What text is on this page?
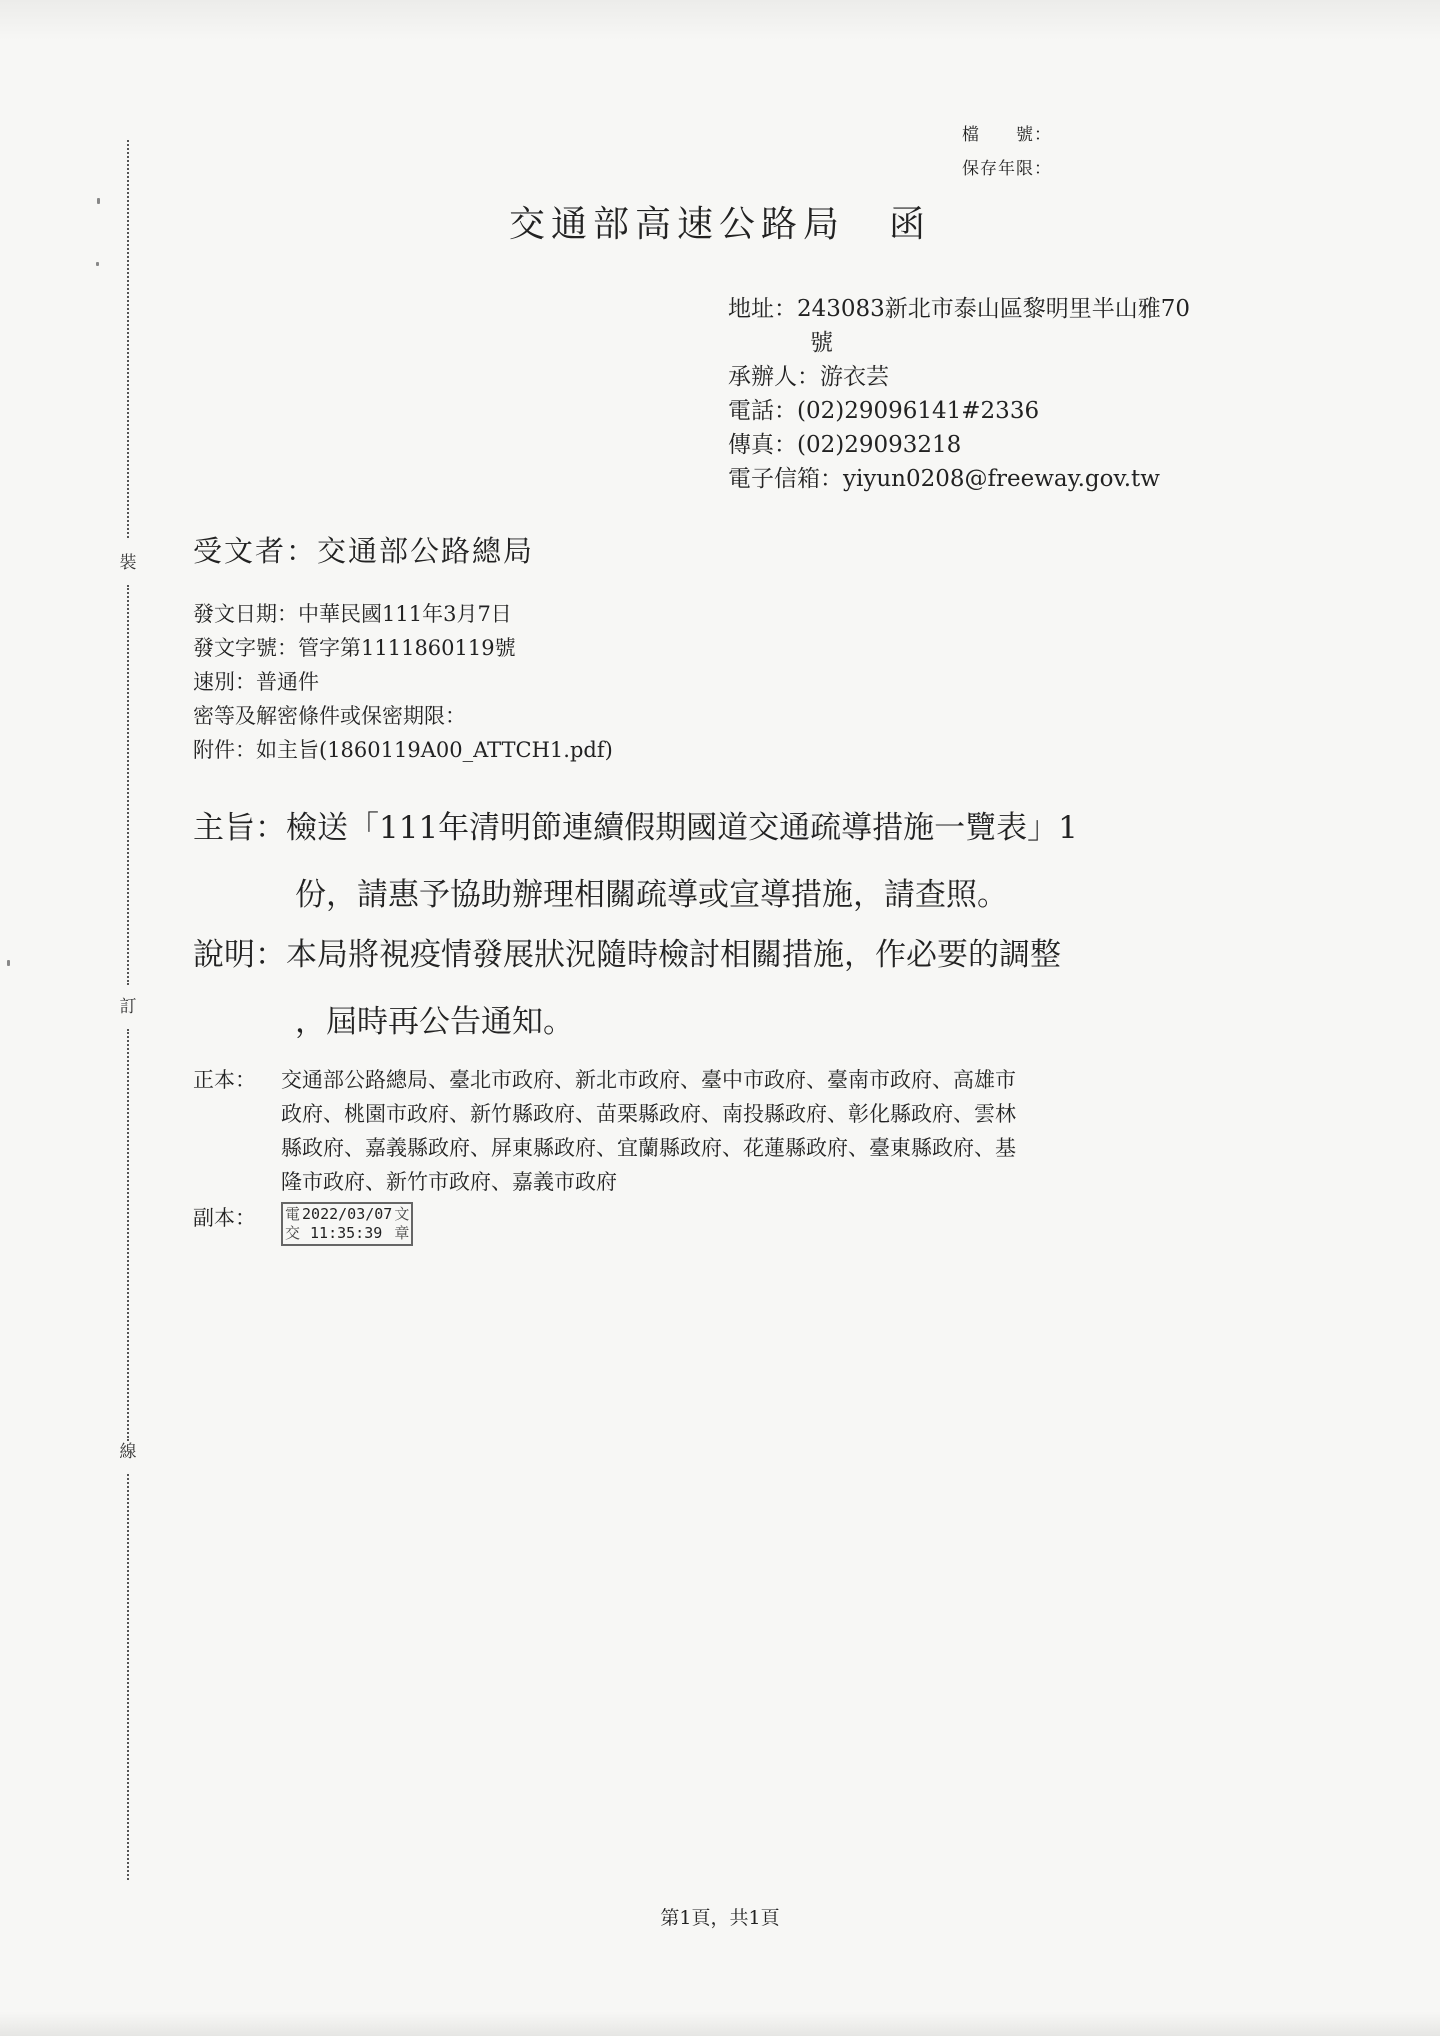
裝
訂
線
檔　　號：
保存年限：
交通部高速公路局 函
地址： 243083新北市泰山區黎明里半山雅70
號
承辦人： 游衣芸
電話： (02)29096141#2336
傳真： (02)29093218
電子信箱： yiyun0208@freeway.gov.tw
受文者：交通部公路總局
發文日期：中華民國111年3月7日
發文字號：管字第1111860119號
速別：普通件
密等及解密條件或保密期限：
附件：如主旨(1860119A00_ATTCH1.pdf)
主旨：檢送「111年清明節連續假期國道交通疏導措施一覽表」1
份，請惠予協助辦理相關疏導或宣導措施，請查照。
說明：本局將視疫情發展狀況隨時檢討相關措施，作必要的調整
，屆時再公告通知。
正本：	交通部公路總局、臺北市政府、新北市政府、臺中市政府、臺南市政府、高雄市
政府、桃園市政府、新竹縣政府、苗栗縣政府、南投縣政府、彰化縣政府、雲林
縣政府、嘉義縣政府、屏東縣政府、宜蘭縣政府、花蓮縣政府、臺東縣政府、基
隆市政府、新竹市政府、嘉義市政府
副本：	電
交
2022/03/07
11:35:39
文
章
第1頁，共1頁
